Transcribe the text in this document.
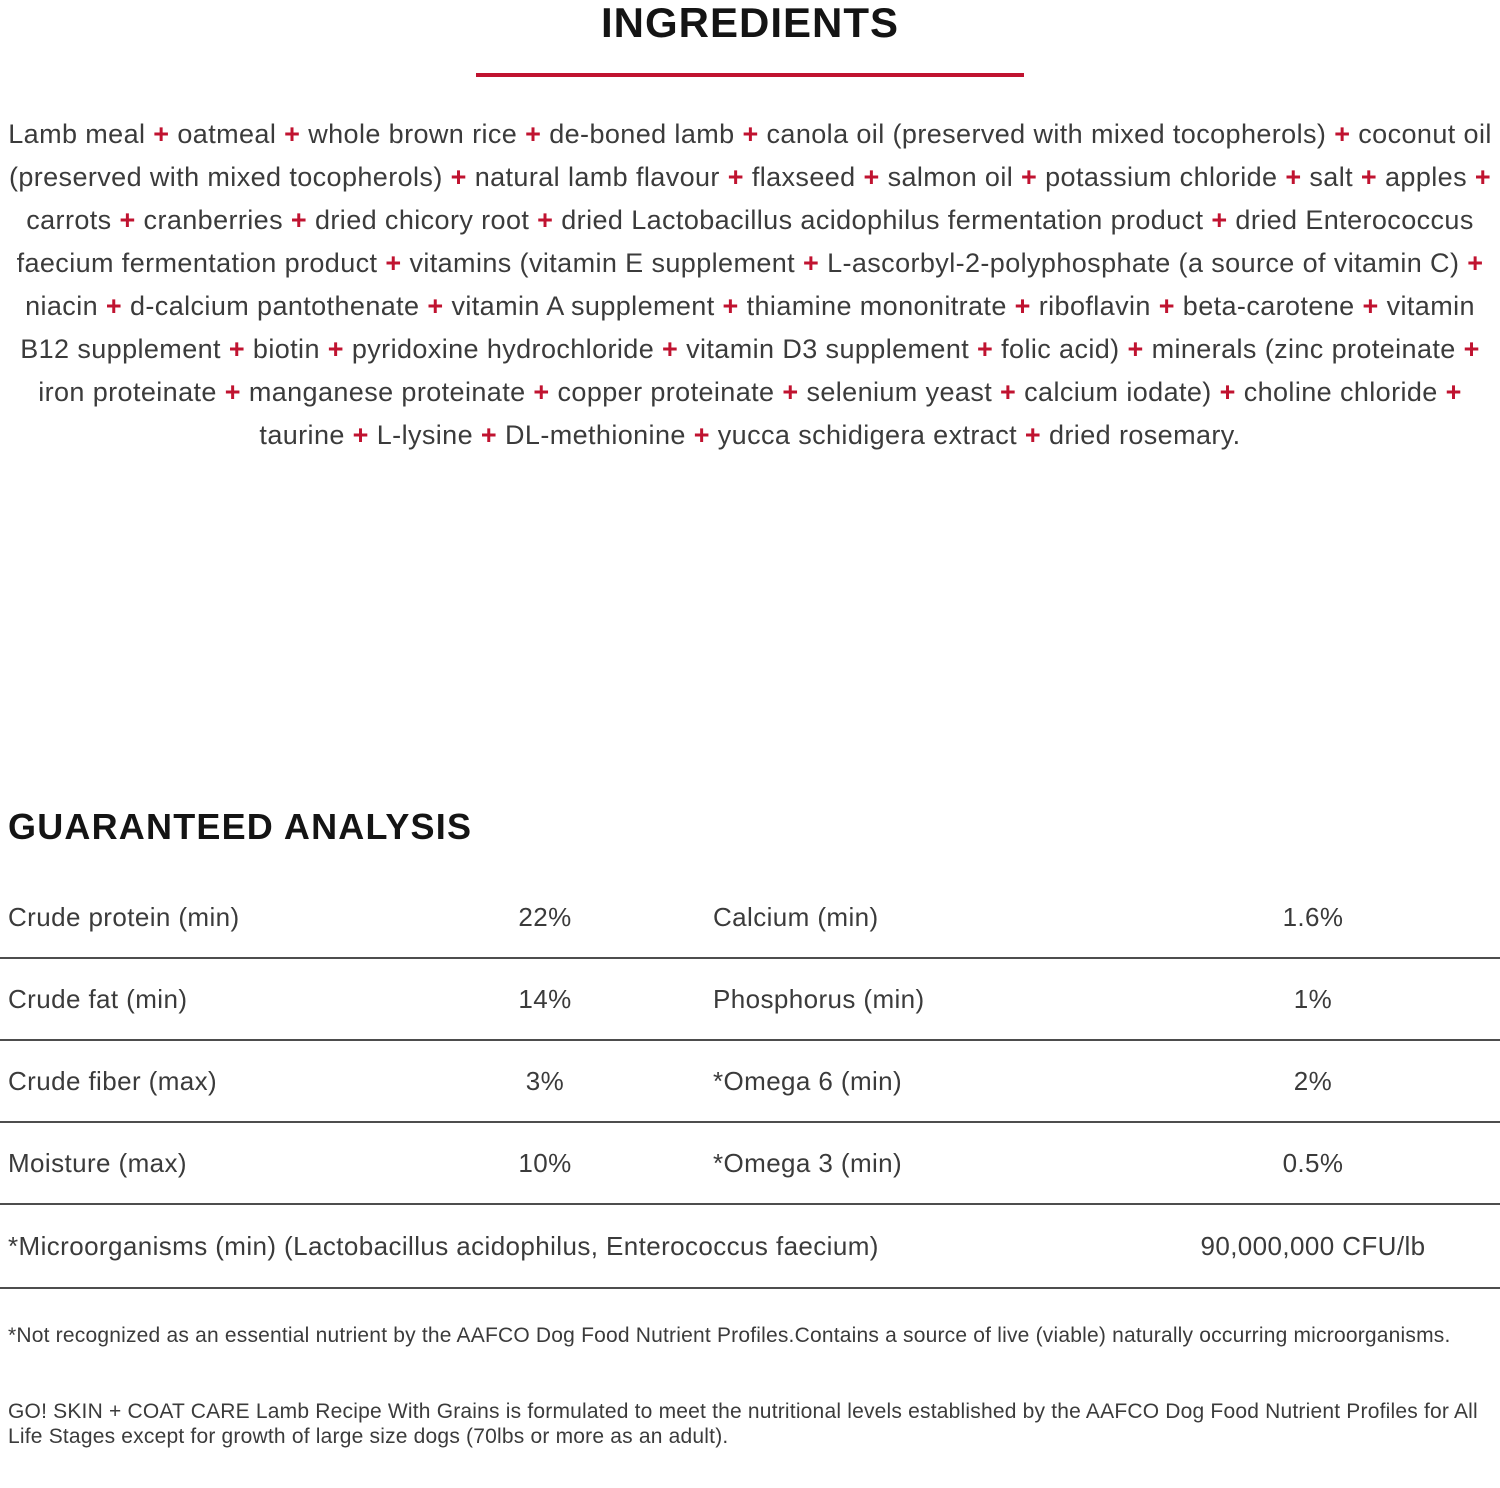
INGREDIENTS

Lamb meal + oatmeal + whole brown rice + de-boned lamb + canola oil (preserved with mixed tocopherols) + coconut oil (preserved with mixed tocopherols) + natural lamb flavour + flaxseed + salmon oil + potassium chloride + salt + apples + carrots + cranberries + dried chicory root + dried Lactobacillus acidophilus fermentation product + dried Enterococcus faecium fermentation product + vitamins (vitamin E supplement + L-ascorbyl-2-polyphosphate (a source of vitamin C) + niacin + d-calcium pantothenate + vitamin A supplement + thiamine mononitrate + riboflavin + beta-carotene + vitamin B12 supplement + biotin + pyridoxine hydrochloride + vitamin D3 supplement + folic acid) + minerals (zinc proteinate + iron proteinate + manganese proteinate + copper proteinate + selenium yeast + calcium iodate) + choline chloride + taurine + L-lysine + DL-methionine + yucca schidigera extract + dried rosemary.

GUARANTEED ANALYSIS
Crude protein (min)	22%	Calcium (min)	1.6%
Crude fat (min)	14%	Phosphorus (min)	1%
Crude fiber (max)	3%	*Omega 6 (min)	2%
Moisture (max)	10%	*Omega 3 (min)	0.5%
*Microorganisms (min) (Lactobacillus acidophilus, Enterococcus faecium)	90,000,000 CFU/lb

*Not recognized as an essential nutrient by the AAFCO Dog Food Nutrient Profiles.Contains a source of live (viable) naturally occurring microorganisms.

GO! SKIN + COAT CARE Lamb Recipe With Grains is formulated to meet the nutritional levels established by the AAFCO Dog Food Nutrient Profiles for All Life Stages except for growth of large size dogs (70lbs or more as an adult).
